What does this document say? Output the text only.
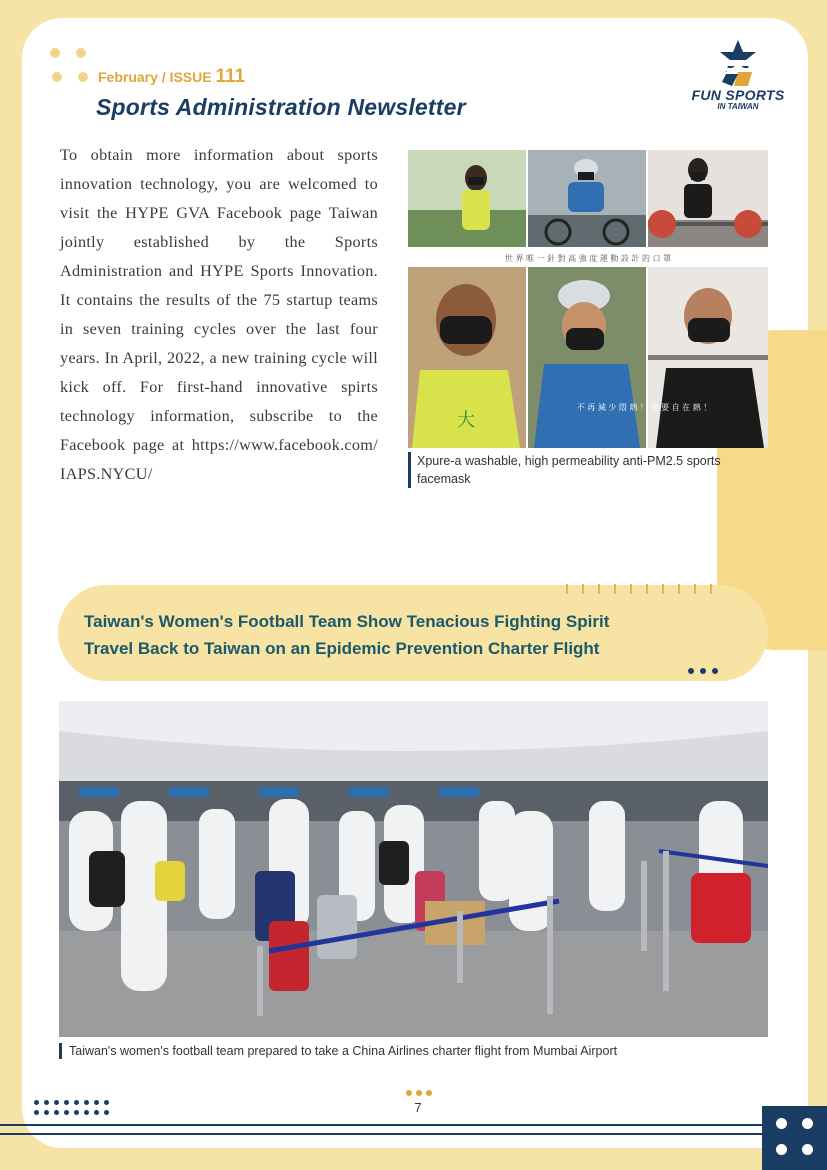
February / ISSUE 111
Sports Administration Newsletter	FUN SPORTS
IN TAIWAN
To obtain more information about sports innovation technology, you are welcomed to visit the HYPE GVA Facebook page Taiwan jointly established by the Sports Administration and HYPE Sports Innovation. It contains the results of the 75 startup teams in seven training cycles over the last four years. In April, 2022, a new training cycle will kick off. For first-hand innovative spirts technology information, subscribe to the Facebook page at https://www.facebook.com/ IAPS.NYCU/
世 界 唯 一 針 對 高 強 度 運 動 設 計 的 口 罩
大
不 再 減 少 悶 熱 ！ 還 要 自 在 熱 ！
Xpure-a washable, high permeability anti-PM2.5 sports facemask
Taiwan's Women's Football Team Show Tenacious Fighting Spirit
Travel Back to Taiwan on an Epidemic Prevention Charter Flight
Taiwan's women's football team prepared to take a China Airlines charter flight from Mumbai Airport
7
